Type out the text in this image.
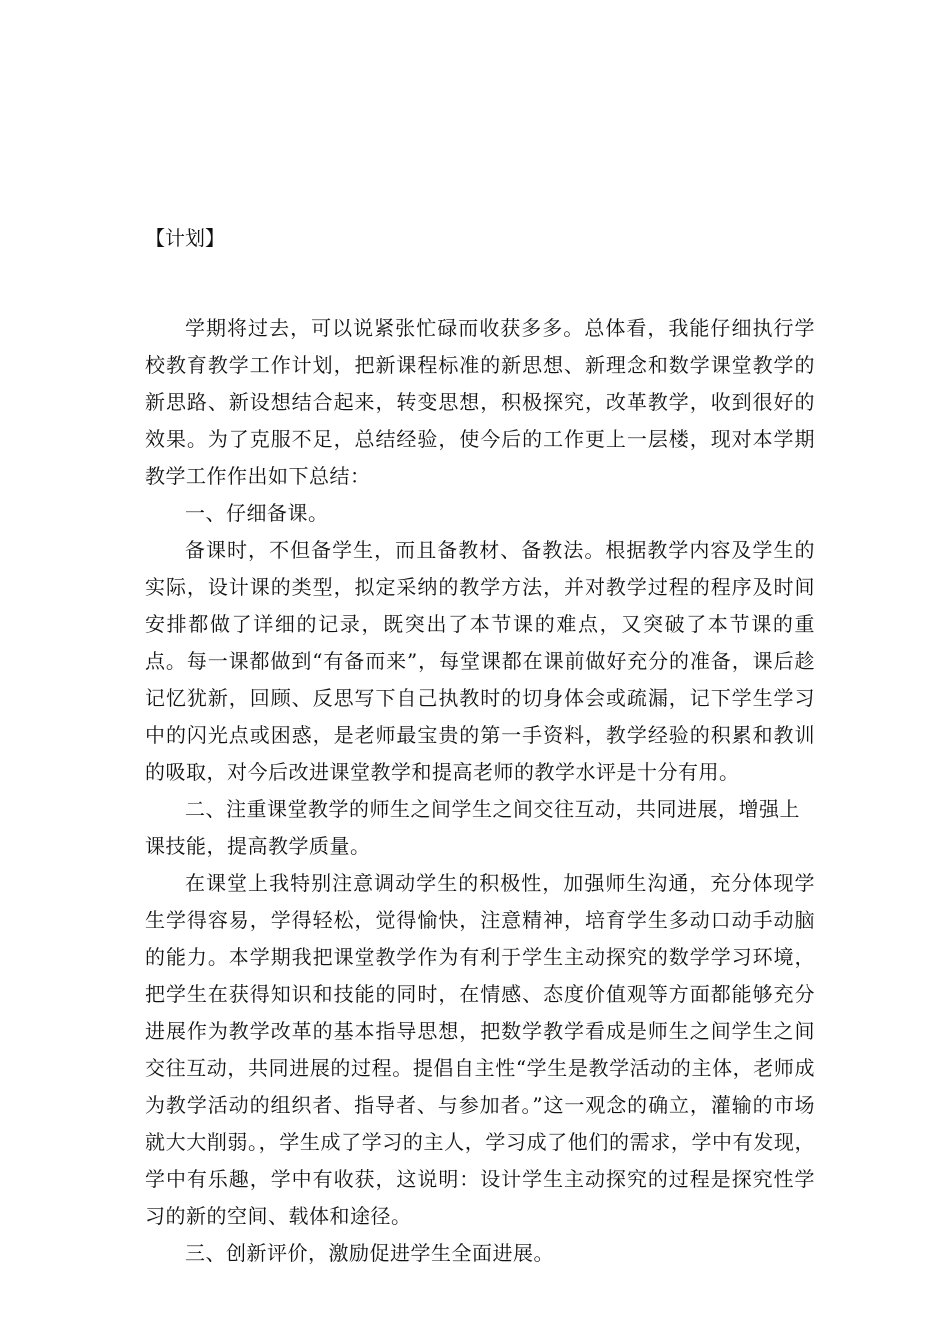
【计划】

学期将过去，可以说紧张忙碌而收获多多。总体看，我能仔细执行学校教育教学工作计划，把新课程标准的新思想、新理念和数学课堂教学的新思路、新设想结合起来，转变思想，积极探究，改革教学，收到很好的效果。为了克服不足，总结经验，使今后的工作更上一层楼，现对本学期教学工作作出如下总结：

一、仔细备课。

备课时，不但备学生，而且备教材、备教法。根据教学内容及学生的实际，设计课的类型，拟定采纳的教学方法，并对教学过程的程序及时间安排都做了详细的记录，既突出了本节课的难点，又突破了本节课的重点。每一课都做到“有备而来”，每堂课都在课前做好充分的准备，课后趁记忆犹新，回顾、反思写下自己执教时的切身体会或疏漏，记下学生学习中的闪光点或困惑，是老师最宝贵的第一手资料，教学经验的积累和教训的吸取，对今后改进课堂教学和提高老师的教学水评是十分有用。

二、注重课堂教学的师生之间学生之间交往互动，共同进展，增强上课技能，提高教学质量。

在课堂上我特别注意调动学生的积极性，加强师生沟通，充分体现学生学得容易，学得轻松，觉得愉快，注意精神，培育学生多动口动手动脑的能力。本学期我把课堂教学作为有利于学生主动探究的数学学习环境，把学生在获得知识和技能的同时，在情感、态度价值观等方面都能够充分进展作为教学改革的基本指导思想，把数学教学看成是师生之间学生之间交往互动，共同进展的过程。提倡自主性“学生是教学活动的主体，老师成为教学活动的组织者、指导者、与参加者。”这一观念的确立，灌输的市场就大大削弱。，学生成了学习的主人，学习成了他们的需求，学中有发现，学中有乐趣，学中有收获，这说明：设计学生主动探究的过程是探究性学习的新的空间、载体和途径。

三、创新评价，激励促进学生全面进展。
